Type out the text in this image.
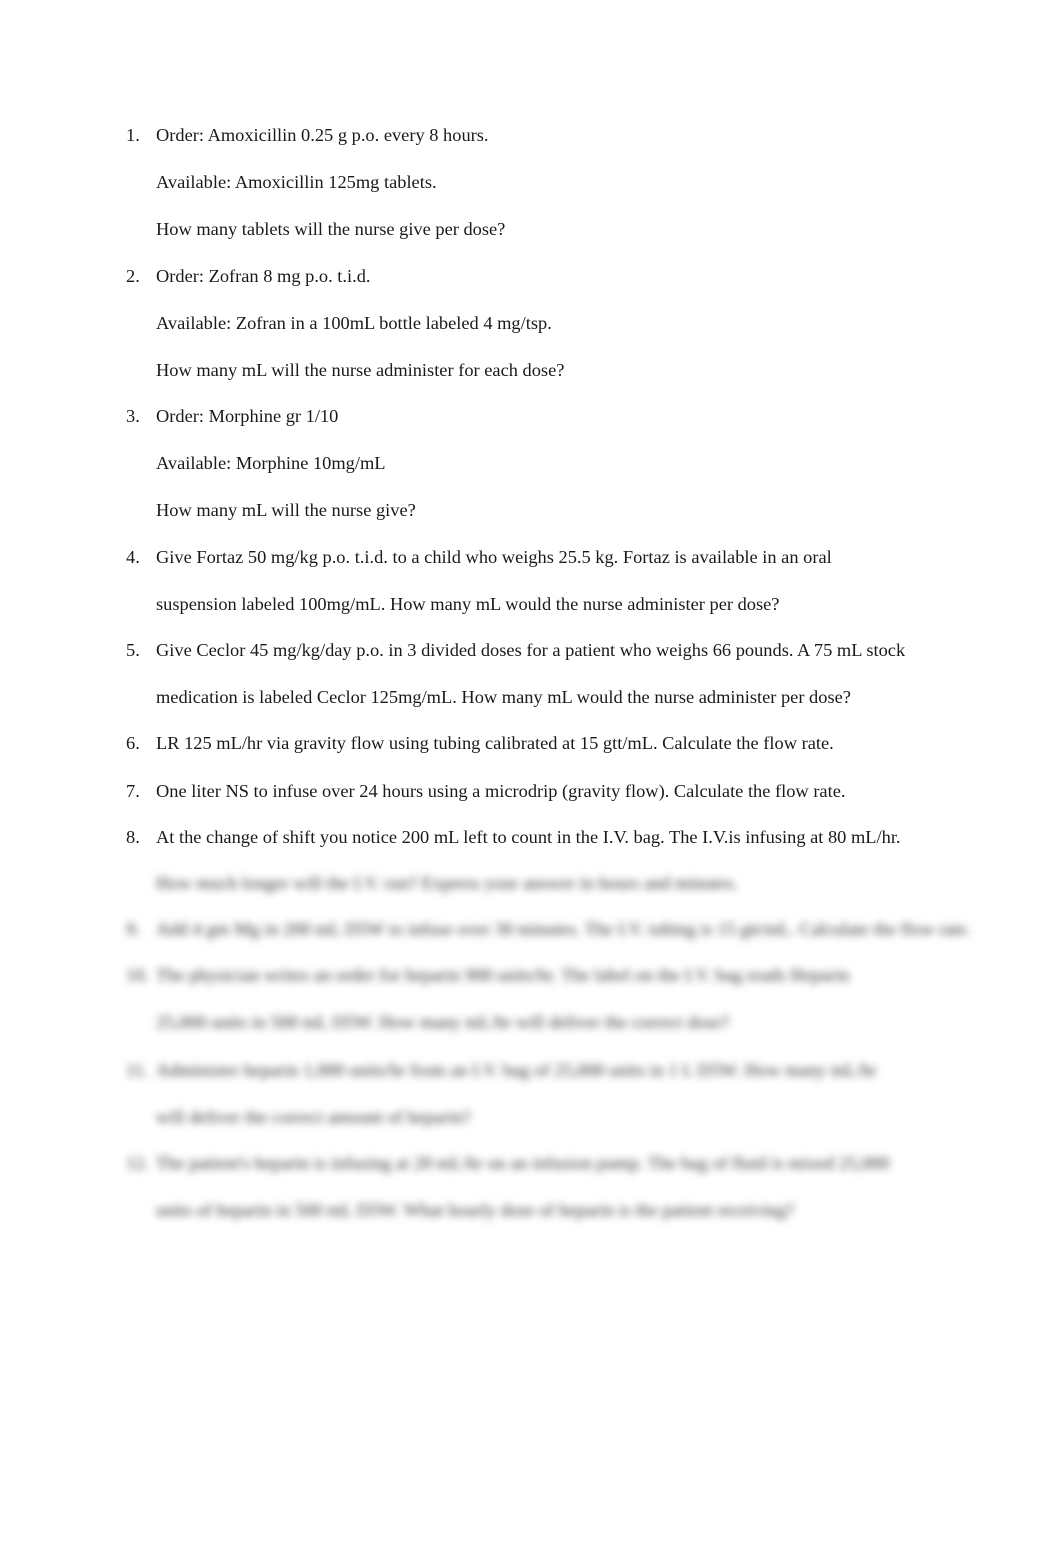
1. Order: Amoxicillin 0.25 g p.o. every 8 hours.
Available: Amoxicillin 125mg tablets.
How many tablets will the nurse give per dose?
2. Order: Zofran 8 mg p.o. t.i.d.
Available: Zofran in a 100mL bottle labeled 4 mg/tsp.
How many mL will the nurse administer for each dose?
3. Order: Morphine gr 1/10
Available: Morphine 10mg/mL
How many mL will the nurse give?
4. Give Fortaz 50 mg/kg p.o. t.i.d. to a child who weighs 25.5 kg. Fortaz is available in an oral
suspension labeled 100mg/mL. How many mL would the nurse administer per dose?
5. Give Ceclor 45 mg/kg/day p.o. in 3 divided doses for a patient who weighs 66 pounds. A 75 mL stock
medication is labeled Ceclor 125mg/mL. How many mL would the nurse administer per dose?
6. LR 125 mL/hr via gravity flow using tubing calibrated at 15 gtt/mL. Calculate the flow rate.
7. One liter NS to infuse over 24 hours using a microdrip (gravity flow). Calculate the flow rate.
8. At the change of shift you notice 200 mL left to count in the I.V. bag. The I.V.is infusing at 80 mL/hr.
How much longer will the I.V. run? Express your answer in hours and minutes.
9. Add 4 gm Mg in 200 mL D5W to infuse over 30 minutes. The I.V. tubing is 15 gtt/mL. Calculate the flow rate.
10. The physician writes an order for heparin 900 units/hr. The label on the I.V. bag reads Heparin
25,000 units in 500 mL D5W. How many mL/hr will deliver the correct dose?
11. Administer heparin 1,000 units/hr from an I.V. bag of 25,000 units in 1 L D5W. How many mL/hr
will deliver the correct amount of heparin?
12. The patient's heparin is infusing at 28 mL/hr on an infusion pump. The bag of fluid is mixed 25,000
units of heparin in 500 mL D5W. What hourly dose of heparin is the patient receiving?
